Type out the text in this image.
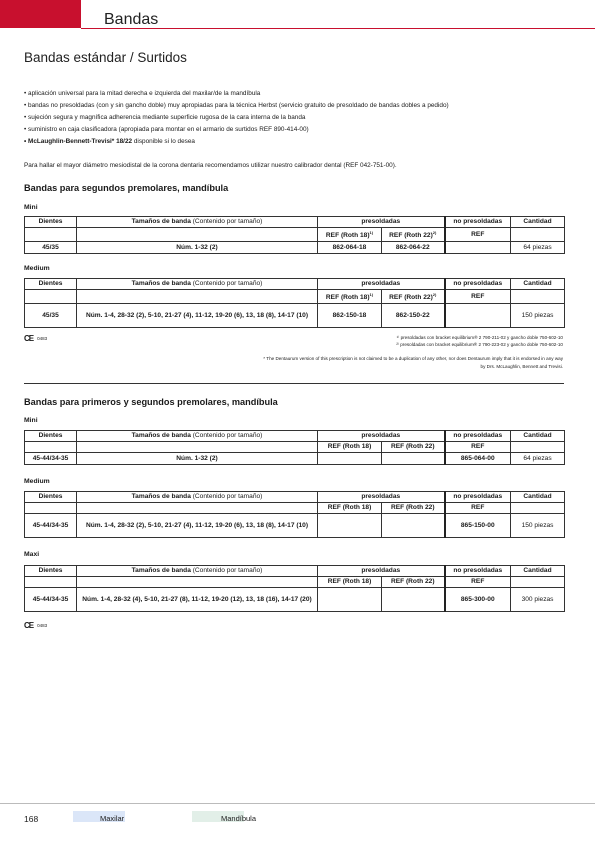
Bandas
Bandas estándar / Surtidos
• aplicación universal para la mitad derecha e izquierda del maxilar/de la mandíbula
• bandas no presoldadas (con y sin gancho doble) muy apropiadas para la técnica Herbst (servicio gratuito de presoldado de bandas dobles a pedido)
• sujeción segura y magnífica adherencia mediante superficie rugosa de la cara interna de la banda
• suministro en caja clasificadora (apropiada para montar en el armario de surtidos REF 890-414-00)
• McLaughlin-Bennett-Trevisi* 18/22 disponible si lo desea
Para hallar el mayor diámetro mesiodistal de la corona dentaria recomendamos utilizar nuestro calibrador dental (REF 042-751-00).
Bandas para segundos premolares, mandíbula
Mini
Dientes	Tamaños de banda (Contenido por tamaño)	presoldadas		no presoldadas	Cantidad
		REF (Roth 18)$^{1)}$	REF (Roth 22)$^{2)}$	REF	
45/35	Núm. 1-32 (2)	862-064-18	862-064-22		64 piezas
Medium
Dientes	Tamaños de banda (Contenido por tamaño)	presoldadas		no presoldadas	Cantidad
		REF (Roth 18)$^{1)}$	REF (Roth 22)$^{2)}$	REF	
45/35	Núm. 1-4, 28-32 (2), 5-10, 21-27 (4), 11-12, 19-20 (6), 13, 18 (8), 14-17 (10)	862-150-18	862-150-22		150 piezas
CE 0483	¹⁾ presoldadas con bracket equilibrium® 2 790-211-02 y gancho doble 750-602-10
²⁾ presoldadas con bracket equilibrium® 2 790-223-02 y gancho doble 750-602-10
* The Dentaurum version of this prescription is not claimed to be a duplication of any other, nor does Dentaurum imply that it is endorsed in any way by Drs. McLaughlin, Bennett and Trevisi.
Bandas para primeros y segundos premolares, mandíbula
Mini
Dientes	Tamaños de banda (Contenido por tamaño)	presoldadas		no presoldadas	Cantidad
		REF (Roth 18)	REF (Roth 22)	REF	
45-44/34-35	Núm. 1-32 (2)			865-064-00	64 piezas
Medium
Dientes	Tamaños de banda (Contenido por tamaño)	presoldadas		no presoldadas	Cantidad
		REF (Roth 18)	REF (Roth 22)	REF	
45-44/34-35	Núm. 1-4, 28-32 (2), 5-10, 21-27 (4), 11-12, 19-20 (6), 13, 18 (8), 14-17 (10)			865-150-00	150 piezas
Maxi
Dientes	Tamaños de banda (Contenido por tamaño)	presoldadas		no presoldadas	Cantidad
		REF (Roth 18)	REF (Roth 22)	REF	
45-44/34-35	Núm. 1-4, 28-32 (4), 5-10, 21-27 (8), 11-12, 19-20 (12), 13, 18 (16), 14-17 (20)			865-300-00	300 piezas
CE 0483
168	Maxilar	Mandíbula
